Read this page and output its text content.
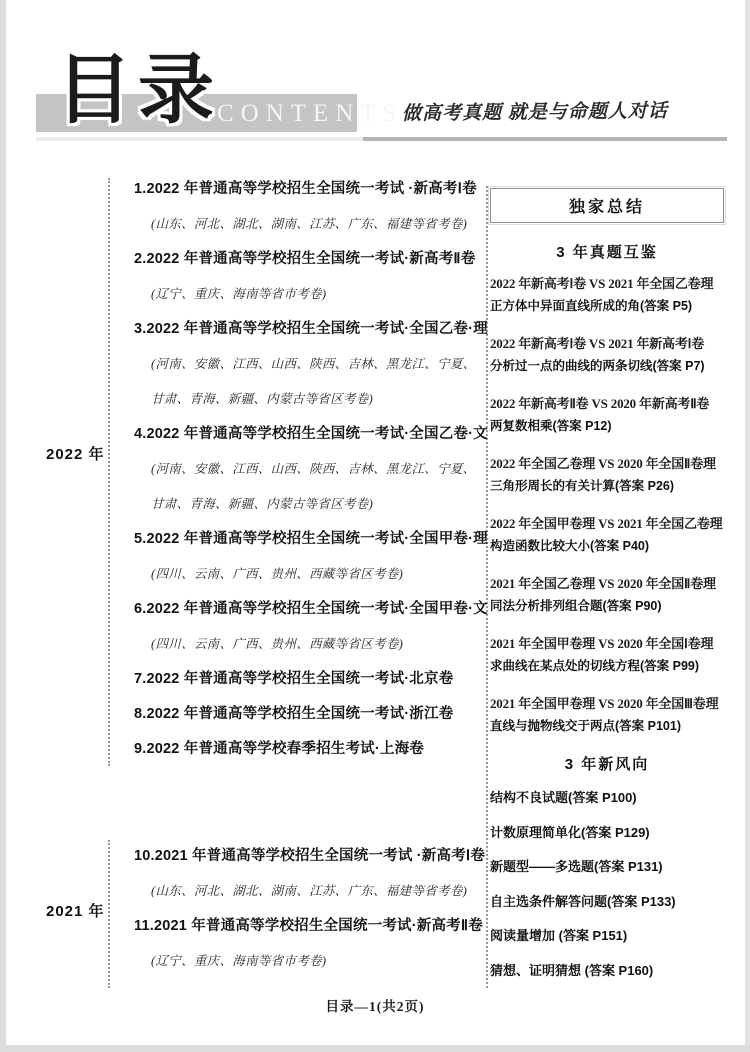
目录
CONTENTS
做高考真题 就是与命题人对话
2022 年
2021 年
1.2022 年普通高等学校招生全国统一考试 ·新高考Ⅰ卷
(山东、河北、湖北、湖南、江苏、广东、福建等省考卷)
2.2022 年普通高等学校招生全国统一考试·新高考Ⅱ卷
(辽宁、重庆、海南等省市考卷)
3.2022 年普通高等学校招生全国统一考试·全国乙卷·理
(河南、安徽、江西、山西、陕西、吉林、黑龙江、宁夏、甘肃、青海、新疆、内蒙古等省区考卷)
4.2022 年普通高等学校招生全国统一考试·全国乙卷·文
(河南、安徽、江西、山西、陕西、吉林、黑龙江、宁夏、甘肃、青海、新疆、内蒙古等省区考卷)
5.2022 年普通高等学校招生全国统一考试·全国甲卷·理
(四川、云南、广西、贵州、西藏等省区考卷)
6.2022 年普通高等学校招生全国统一考试·全国甲卷·文
(四川、云南、广西、贵州、西藏等省区考卷)
7.2022 年普通高等学校招生全国统一考试·北京卷
8.2022 年普通高等学校招生全国统一考试·浙江卷
9.2022 年普通高等学校春季招生考试·上海卷
10.2021 年普通高等学校招生全国统一考试 ·新高考Ⅰ卷
(山东、河北、湖北、湖南、江苏、广东、福建等省考卷)
11.2021 年普通高等学校招生全国统一考试·新高考Ⅱ卷
(辽宁、重庆、海南等省市考卷)
独家总结
3 年真题互鉴
2022 年新高考Ⅰ卷 VS 2021 年全国乙卷理
正方体中异面直线所成的角(答案 P5)
2022 年新高考Ⅰ卷 VS 2021 年新高考Ⅰ卷
分析过一点的曲线的两条切线(答案 P7)
2022 年新高考Ⅱ卷 VS 2020 年新高考Ⅱ卷
两复数相乘(答案 P12)
2022 年全国乙卷理 VS 2020 年全国Ⅱ卷理
三角形周长的有关计算(答案 P26)
2022 年全国甲卷理 VS 2021 年全国乙卷理
构造函数比较大小(答案 P40)
2021 年全国乙卷理 VS 2020 年全国Ⅱ卷理
同法分析排列组合题(答案 P90)
2021 年全国甲卷理 VS 2020 年全国Ⅰ卷理
求曲线在某点处的切线方程(答案 P99)
2021 年全国甲卷理 VS 2020 年全国Ⅲ卷理
直线与抛物线交于两点(答案 P101)
3 年新风向
结构不良试题(答案 P100)
计数原理简单化(答案 P129)
新题型——多选题(答案 P131)
自主选条件解答问题(答案 P133)
阅读量增加 (答案 P151)
猜想、证明猜想 (答案 P160)
目录—1(共2页)
